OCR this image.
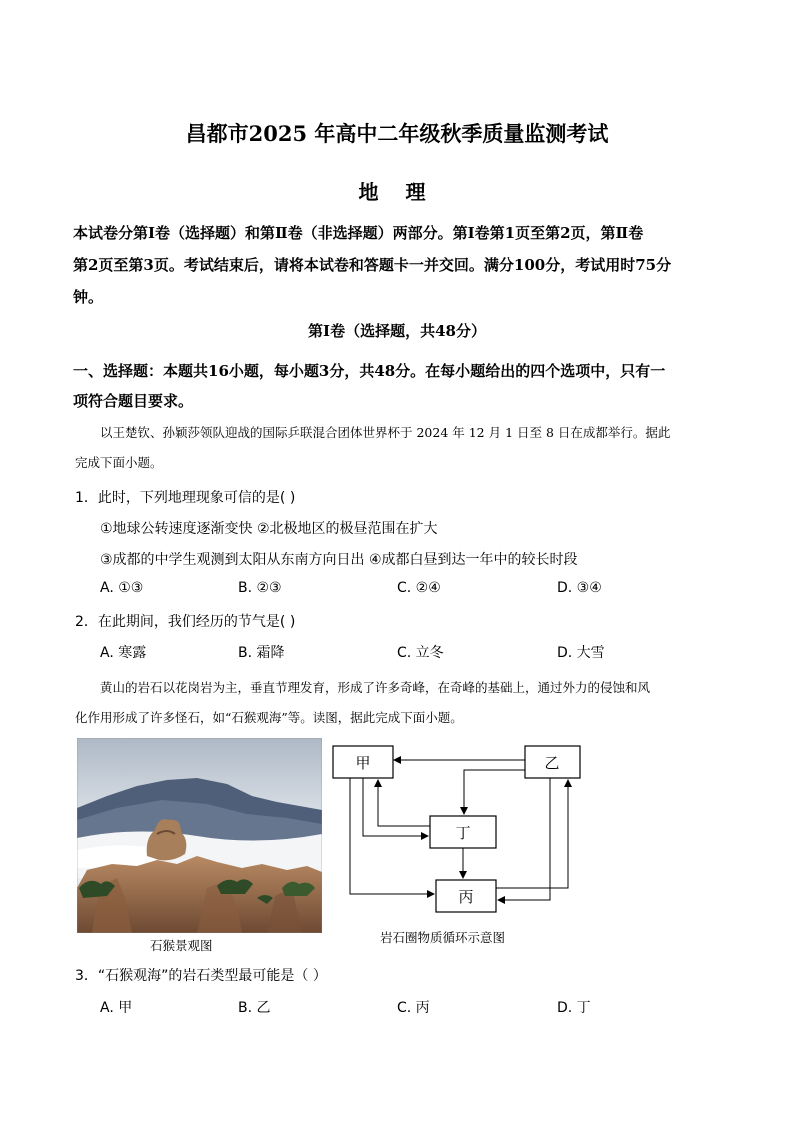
昌都市2025 年高中二年级秋季质量监测考试
地 理
本试卷分第Ⅰ卷（选择题）和第Ⅱ卷（非选择题）两部分。第Ⅰ卷第1页至第2页，第Ⅱ卷
第2页至第3页。考试结束后，请将本试卷和答题卡一并交回。满分100分，考试用时75分
钟。
第Ⅰ卷（选择题，共48分）
一、选择题：本题共16小题，每小题3分，共48分。在每小题给出的四个选项中，只有一
项符合题目要求。
以王楚钦、孙颖莎领队迎战的国际乒联混合团体世界杯于 2024 年 12 月 1 日至 8 日在成都举行。据此
完成下面小题。
1．此时，下列地理现象可信的是( )
①地球公转速度逐渐变快 ②北极地区的极昼范围在扩大
③成都的中学生观测到太阳从东南方向日出 ④成都白昼到达一年中的较长时段
A. ①③	B. ②③	C. ②④	D. ③④
2．在此期间，我们经历的节气是( )
A. 寒露	B. 霜降	C. 立冬	D. 大雪
黄山的岩石以花岗岩为主，垂直节理发育，形成了许多奇峰，在奇峰的基础上，通过外力的侵蚀和风
化作用形成了许多怪石，如“石猴观海”等。读图，据此完成下面小题。
石猴景观图
甲	乙
丁
丙
岩石圈物质循环示意图
3．“石猴观海”的岩石类型最可能是（ ）
A. 甲	B. 乙	C. 丙	D. 丁
